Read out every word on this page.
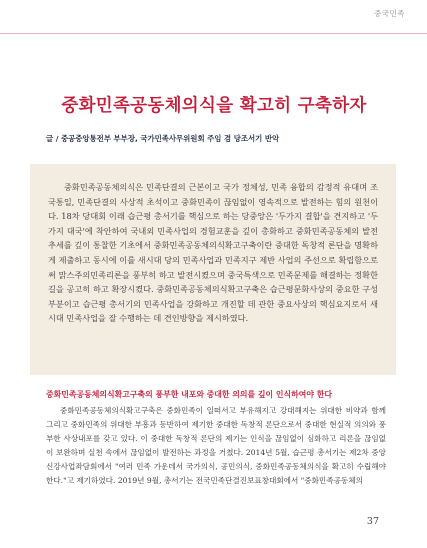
중국민족
중화민족공동체의식을 확고히 구축하자
글 / 중공중앙통전부 부부장, 국가민족사무위원회 주임 겸 당조서기 반악

중화민족공동체의식은 민족단결의 근본이고 국가 정체성, 민족 융합의 감정적 유대며 조국통일, 민족단결의 사상적 초석이고 중화민족이 끊임없이 영속적으로 발전하는 힘의 원천이다. 18차 당대회 이래 습근평 총서기를 핵심으로 하는 당중앙은 '두가지 결합'을 견지하고 '두가지 대국'에 착안하여 국내외 민족사업의 경험교훈을 깊이 총화하고 중화민족공동체의 발전 추세를 깊이 통찰한 기초에서 중화민족공동체의식확고구축이란 중대한 독창적 론단을 명확하게 제출하고 동시에 이를 새시대 당의 민족사업과 민족지구 제반 사업의 주선으로 확립함으로써 맑스주의민족리론을 풍부히 하고 발전시켰으며 중국특색으로 민족문제를 해결하는 정확한 길을 공고히 하고 확장시켰다. 중화민족공동체의식확고구축은 습근평문화사상의 중요한 구성부분이고 습근평 총서기의 민족사업을 강화하고 개진할 데 관한 중요사상의 핵심요지로서 새시대 민족사업을 잘 수행하는 데 견인방향을 제시하였다.

중화민족공동체의식확고구축의 풍부한 내포와 중대한 의의를 깊이 인식하여야 한다

중화민족공동체의식확고구축은 중화민족이 일떠서고 부유해지고 강대해지는 위대한 비약과 함께 그리고 중화민족의 위대한 부흥과 동반하여 제기한 중대한 독창적 론단으로서 중대한 현실적 의의와 풍부한 사상내포를 갖고 있다. 이 중대한 독창적 론단의 제기는 인식을 끊임없이 심화하고 리론을 끊임없이 보완하며 실천 속에서 끊임없이 발전하는 과정을 거쳤다. 2014년 5월, 습근평 총서기는 제2차 중앙신강사업좌담회에서 "여러 민족 가운데서 국가의식, 공민의식, 중화민족공동체의식을 확고히 수립해야 한다."고 제기하였다. 2019년 9월, 총서기는 전국민족단결진보표창대회에서 "중화민족공동체의

37
